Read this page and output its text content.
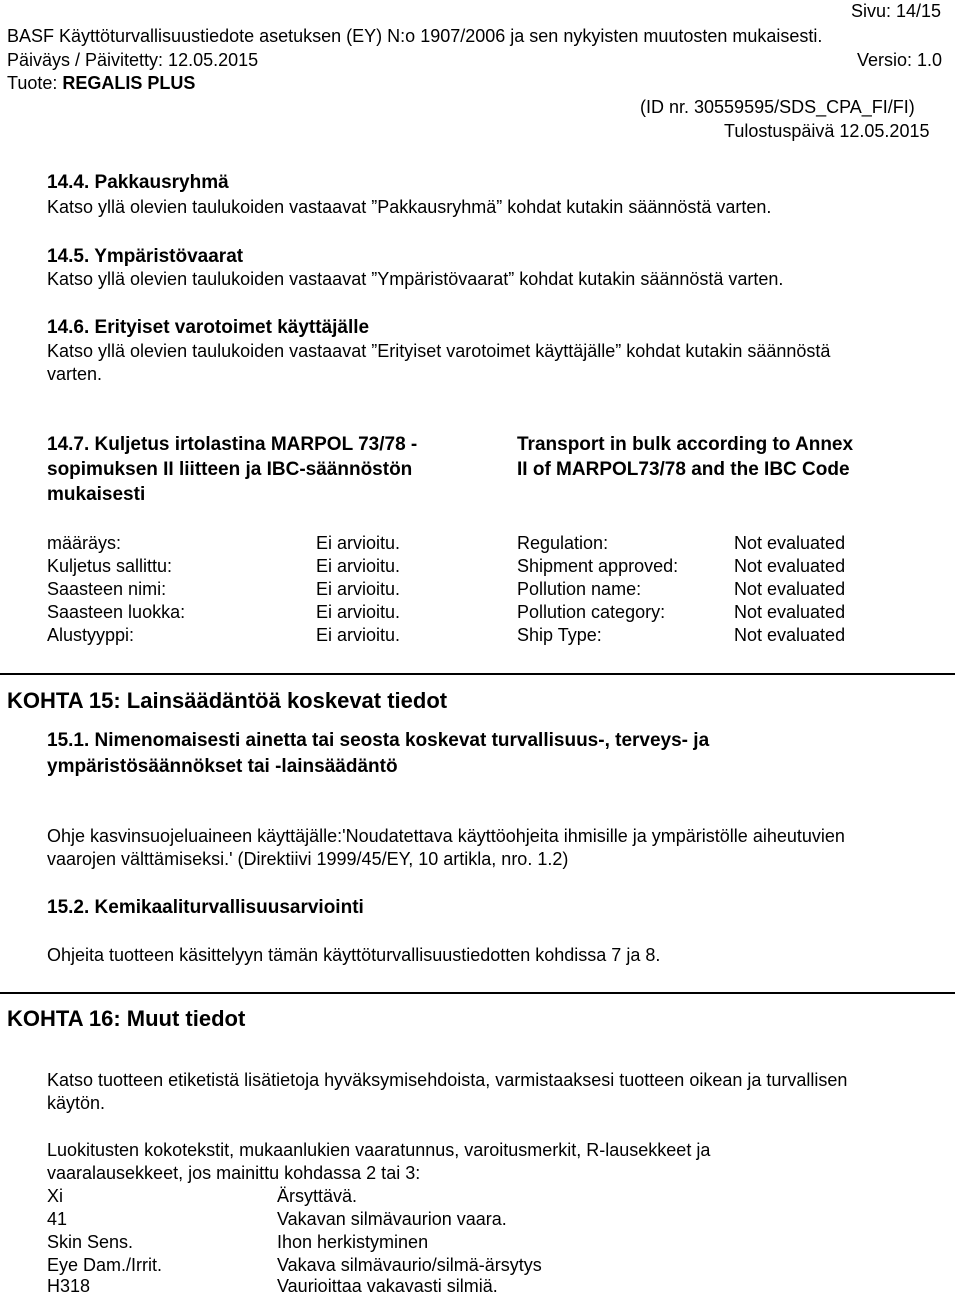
Sivu: 14/15
BASF Käyttöturvallisuustiedote asetuksen (EY) N:o 1907/2006 ja sen nykyisten muutosten mukaisesti.
Päiväys / Päivitetty: 12.05.2015	Versio: 1.0
Tuote: REGALIS PLUS
(ID nr. 30559595/SDS_CPA_FI/FI)
Tulostuspäivä 12.05.2015
14.4. Pakkausryhmä
Katso yllä olevien taulukoiden vastaavat ”Pakkausryhmä” kohdat kutakin säännöstä varten.
14.5. Ympäristövaarat
Katso yllä olevien taulukoiden vastaavat ”Ympäristövaarat” kohdat kutakin säännöstä varten.
14.6. Erityiset varotoimet käyttäjälle
Katso yllä olevien taulukoiden vastaavat ”Erityiset varotoimet käyttäjälle” kohdat kutakin säännöstä
varten.
14.7. Kuljetus irtolastina MARPOL 73/78 -
sopimuksen II liitteen ja IBC-säännöstön
mukaisesti
Transport in bulk according to Annex
II of MARPOL73/78 and the IBC Code
määräys:	Ei arvioitu.	Regulation:	Not evaluated
Kuljetus sallittu:	Ei arvioitu.	Shipment approved:	Not evaluated
Saasteen nimi:	Ei arvioitu.	Pollution name:	Not evaluated
Saasteen luokka:	Ei arvioitu.	Pollution category:	Not evaluated
Alustyyppi:	Ei arvioitu.	Ship Type:	Not evaluated
KOHTA 15: Lainsäädäntöä koskevat tiedot
15.1. Nimenomaisesti ainetta tai seosta koskevat turvallisuus-, terveys- ja
ympäristösäännökset tai -lainsäädäntö
Ohje kasvinsuojeluaineen käyttäjälle:'Noudatettava käyttöohjeita ihmisille ja ympäristölle aiheutuvien
vaarojen välttämiseksi.' (Direktiivi 1999/45/EY, 10 artikla, nro. 1.2)
15.2. Kemikaaliturvallisuusarviointi
Ohjeita tuotteen käsittelyyn tämän käyttöturvallisuustiedotten kohdissa 7 ja 8.
KOHTA 16: Muut tiedot
Katso tuotteen etiketistä lisätietoja hyväksymisehdoista, varmistaaksesi tuotteen oikean ja turvallisen
käytön.
Luokitusten kokotekstit, mukaanlukien vaaratunnus, varoitusmerkit, R-lausekkeet ja
vaaralausekkeet, jos mainittu kohdassa 2 tai 3:
Xi	Ärsyttävä.
41	Vakavan silmävaurion vaara.
Skin Sens.	Ihon herkistyminen
Eye Dam./Irrit.	Vakava silmävaurio/silmä-ärsytys
H318	Vaurioittaa vakavasti silmiä.
